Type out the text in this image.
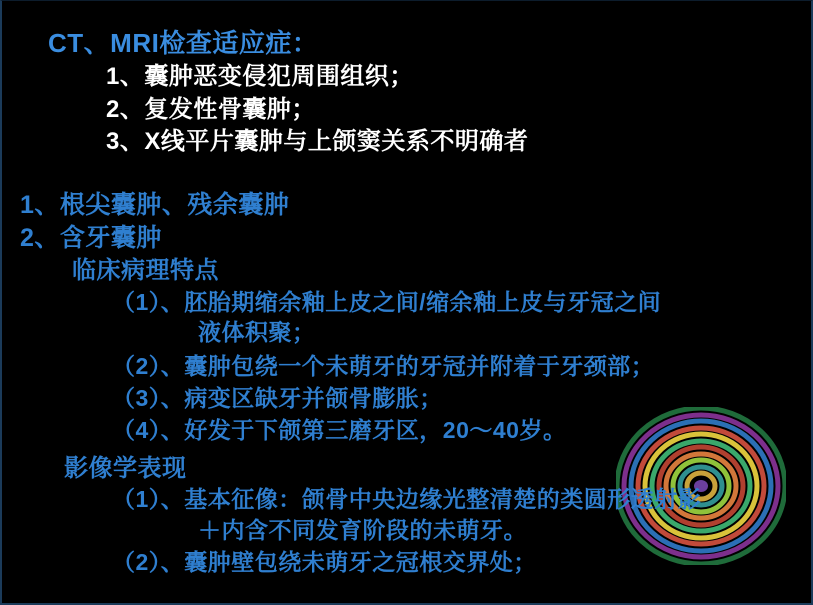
CT、MRI检查适应症：
1、囊肿恶变侵犯周围组织；
2、复发性骨囊肿；
3、X线平片囊肿与上颌窦关系不明确者
1、根尖囊肿、残余囊肿
2、含牙囊肿
临床病理特点
（1）、胚胎期缩余釉上皮之间/缩余釉上皮与牙冠之间
液体积聚；
（2）、囊肿包绕一个未萌牙的牙冠并附着于牙颈部；
（3）、病变区缺牙并颌骨膨胀；
（4）、好发于下颌第三磨牙区，20～40岁。
影像学表现
（1）、基本征像：颌骨中央边缘光整清楚的类圆形透射影
＋内含不同发育阶段的未萌牙。
（2）、囊肿壁包绕未萌牙之冠根交界处；
